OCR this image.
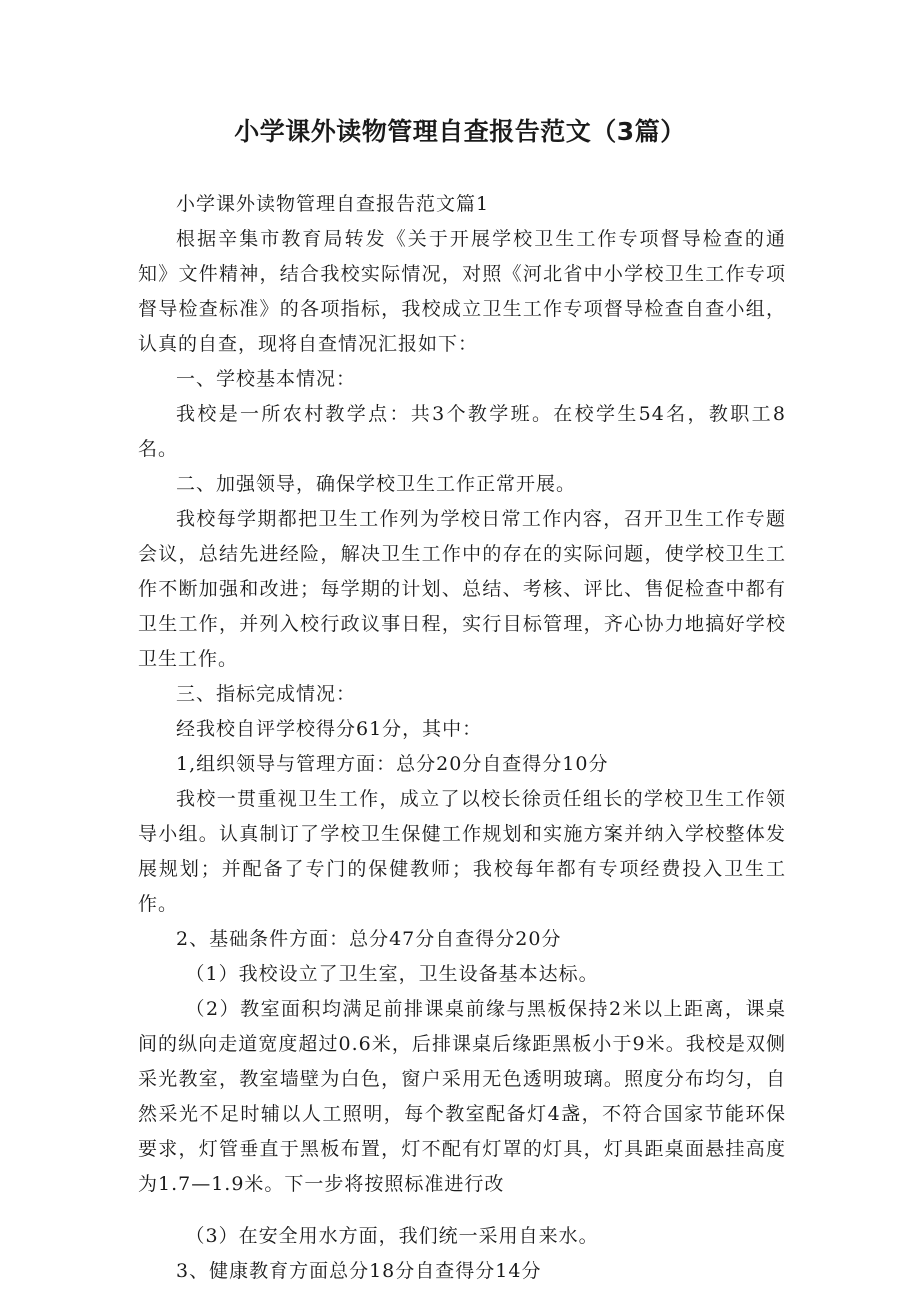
小学课外读物管理自查报告范文（3篇）

小学课外读物管理自查报告范文篇1

根据辛集市教育局转发《关于开展学校卫生工作专项督导检查的通知》文件精神，结合我校实际情况，对照《河北省中小学校卫生工作专项督导检查标准》的各项指标，我校成立卫生工作专项督导检查自查小组，认真的自查，现将自查情况汇报如下：

一、学校基本情况：

我校是一所农村教学点：共3个教学班。在校学生54名，教职工8名。

二、加强领导，确保学校卫生工作正常开展。

我校每学期都把卫生工作列为学校日常工作内容，召开卫生工作专题会议，总结先进经险，解决卫生工作中的存在的实际问题，使学校卫生工作不断加强和改进；每学期的计划、总结、考核、评比、售促检查中都有卫生工作，并列入校行政议事日程，实行目标管理，齐心协力地搞好学校卫生工作。

三、指标完成情况：

经我校自评学校得分61分，其中：

1,组织领导与管理方面：总分20分自查得分10分

我校一贯重视卫生工作，成立了以校长徐贡任组长的学校卫生工作领导小组。认真制订了学校卫生保健工作规划和实施方案并纳入学校整体发展规划；并配备了专门的保健教师；我校每年都有专项经费投入卫生工作。

2、基础条件方面：总分47分自查得分20分

（1）我校设立了卫生室，卫生设备基本达标。

（2）教室面积均满足前排课桌前缘与黑板保持2米以上距离，课桌间的纵向走道宽度超过0.6米，后排课桌后缘距黑板小于9米。我校是双侧采光教室，教室墙壁为白色，窗户采用无色透明玻璃。照度分布均匀，自然采光不足时辅以人工照明，每个教室配备灯4盏，不符合国家节能环保要求，灯管垂直于黑板布置，灯不配有灯罩的灯具，灯具距桌面悬挂高度为1.7—1.9米。下一步将按照标准进行改

（3）在安全用水方面，我们统一采用自来水。

3、健康教育方面总分18分自查得分14分
